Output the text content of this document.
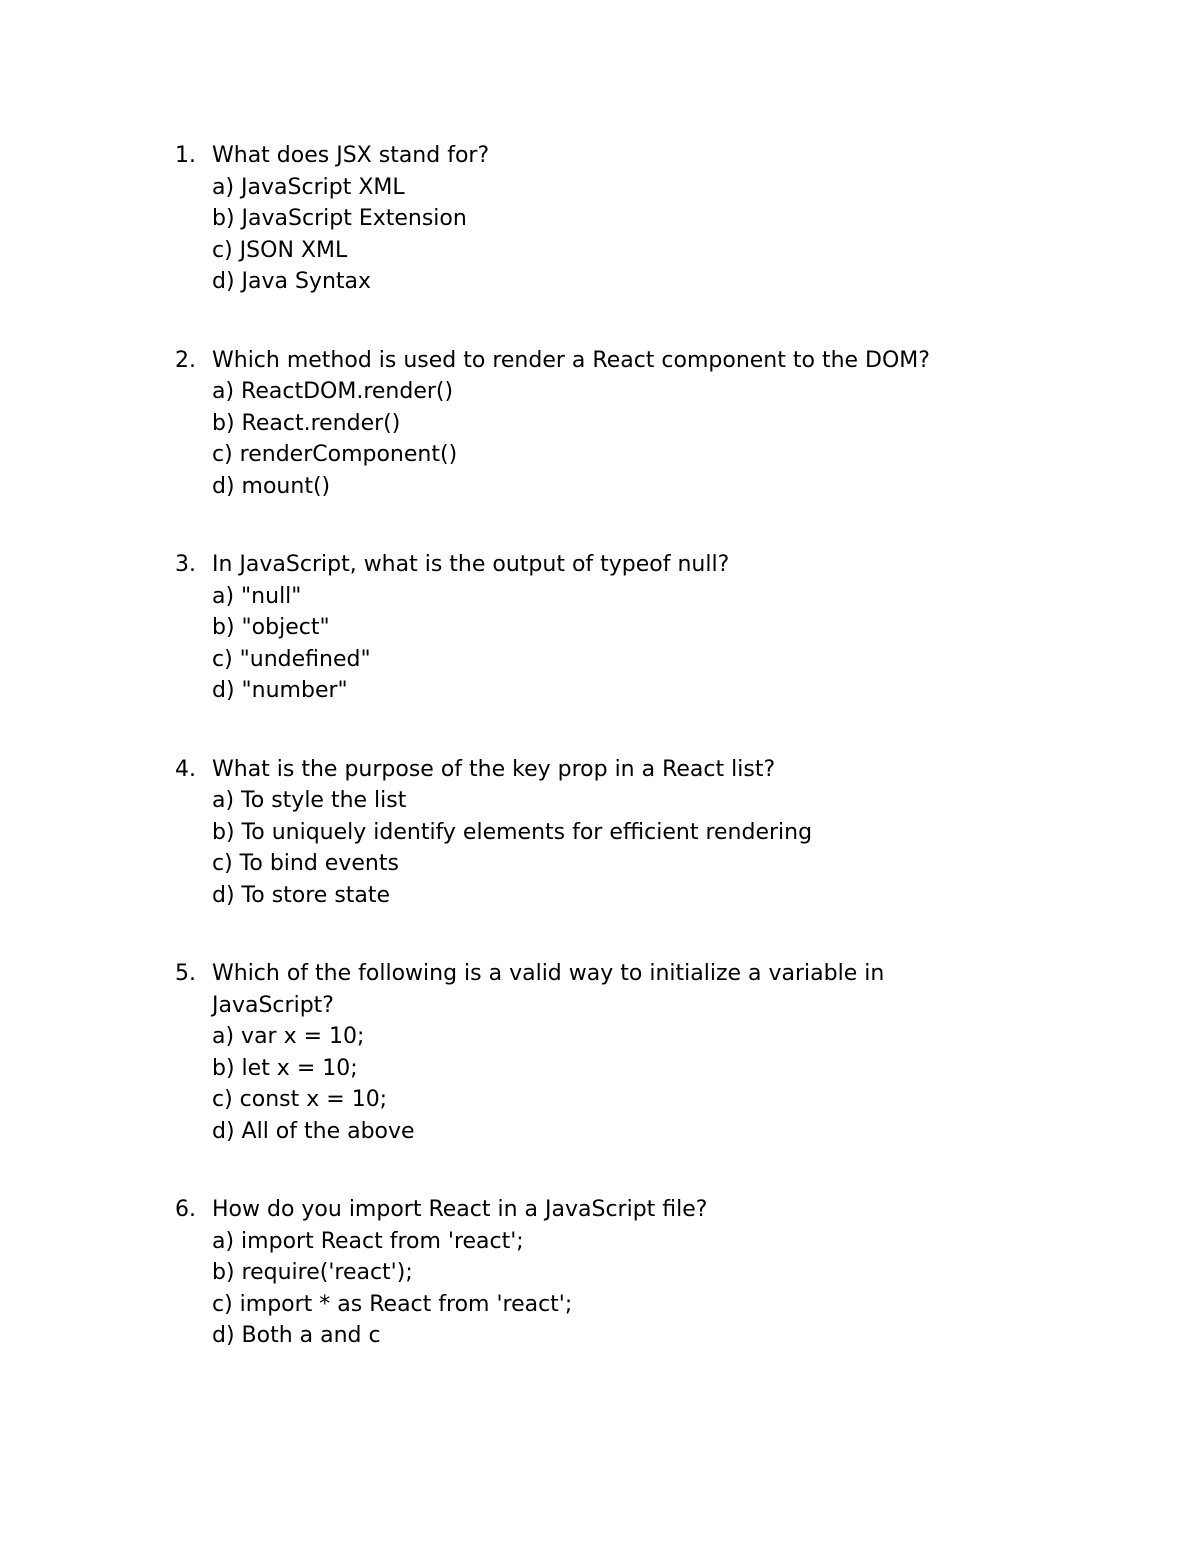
1. What does JSX stand for?
a) JavaScript XML
b) JavaScript Extension
c) JSON XML
d) Java Syntax
2. Which method is used to render a React component to the DOM?
a) ReactDOM.render()
b) React.render()
c) renderComponent()
d) mount()
3. In JavaScript, what is the output of typeof null?
a) "null"
b) "object"
c) "undefined"
d) "number"
4. What is the purpose of the key prop in a React list?
a) To style the list
b) To uniquely identify elements for efficient rendering
c) To bind events
d) To store state
5. Which of the following is a valid way to initialize a variable in JavaScript?
a) var x = 10;
b) let x = 10;
c) const x = 10;
d) All of the above
6. How do you import React in a JavaScript file?
a) import React from 'react';
b) require('react');
c) import * as React from 'react';
d) Both a and c
